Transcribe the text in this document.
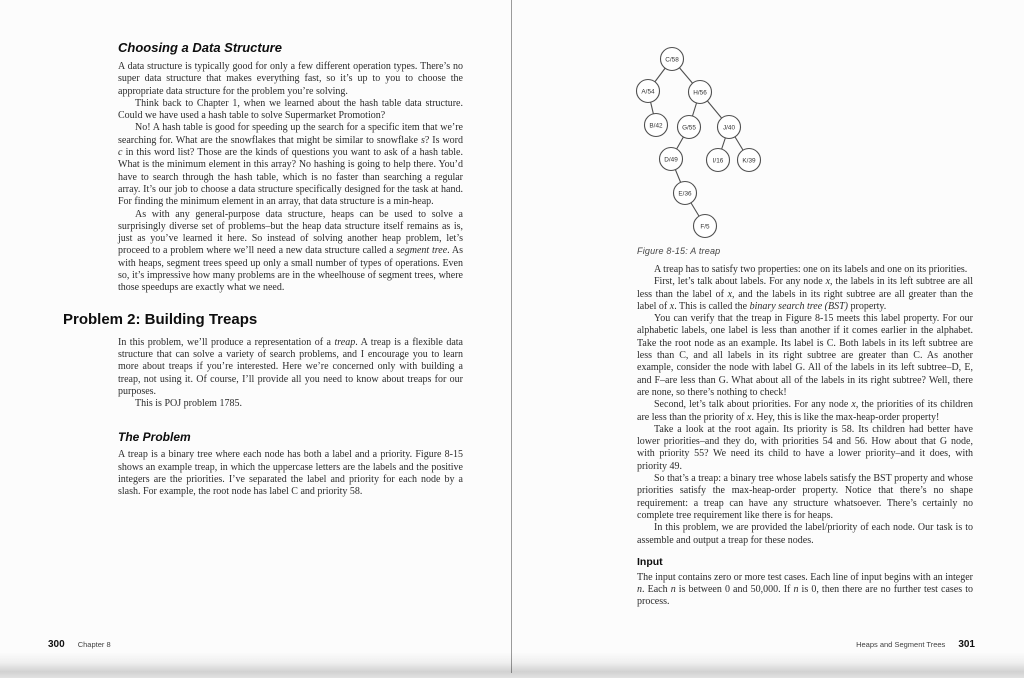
Choosing a Data Structure

A data structure is typically good for only a few different operation types. There’s no super data structure that makes everything fast, so it’s up to you to choose the appropriate data structure for the problem you’re solving.

Think back to Chapter 1, when we learned about the hash table data structure. Could we have used a hash table to solve Supermarket Promotion?

No! A hash table is good for speeding up the search for a specific item that we’re searching for. What are the snowflakes that might be similar to snowflake s? Is word c in this word list? Those are the kinds of questions you want to ask of a hash table. What is the minimum element in this array? No hashing is going to help there. You’d have to search through the hash table, which is no faster than searching a regular array. It’s our job to choose a data structure specifically designed for the task at hand. For finding the minimum element in an array, that data structure is a min-heap.

As with any general-purpose data structure, heaps can be used to solve a surprisingly diverse set of problems–but the heap data structure itself remains as is, just as you’ve learned it here. So instead of solving another heap problem, let’s proceed to a problem where we’ll need a new data structure called a segment tree. As with heaps, segment trees speed up only a small number of types of operations. Even so, it’s impressive how many problems are in the wheelhouse of segment trees, where those speedups are exactly what we need.

Problem 2: Building Treaps

In this problem, we’ll produce a representation of a treap. A treap is a flexible data structure that can solve a variety of search problems, and I encourage you to learn more about treaps if you’re interested. Here we’re concerned only with building a treap, not using it. Of course, I’ll provide all you need to know about treaps for our purposes.

This is POJ problem 1785.

The Problem

A treap is a binary tree where each node has both a label and a priority. Figure 8-15 shows an example treap, in which the uppercase letters are the labels and the positive integers are the priorities. I’ve separated the label and priority for each node by a slash. For example, the root node has label C and priority 58.

C/58
A/54	H/56
B/42	G/55	J/40
D/49	I/16	K/39
E/36
F/5
Figure 8-15: A treap

A treap has to satisfy two properties: one on its labels and one on its priorities.

First, let’s talk about labels. For any node x, the labels in its left subtree are all less than the label of x, and the labels in its right subtree are all greater than the label of x. This is called the binary search tree (BST) property.

You can verify that the treap in Figure 8-15 meets this label property. For our alphabetic labels, one label is less than another if it comes earlier in the alphabet. Take the root node as an example. Its label is C. Both labels in its left subtree are less than C, and all labels in its right subtree are greater than C. As another example, consider the node with label G. All of the labels in its left subtree–D, E, and F–are less than G. What about all of the labels in its right subtree? Well, there are none, so there’s nothing to check!

Second, let’s talk about priorities. For any node x, the priorities of its children are less than the priority of x. Hey, this is like the max-heap-order property!

Take a look at the root again. Its priority is 58. Its children had better have lower priorities–and they do, with priorities 54 and 56. How about that G node, with priority 55? We need its child to have a lower priority–and it does, with priority 49.

So that’s a treap: a binary tree whose labels satisfy the BST property and whose priorities satisfy the max-heap-order property. Notice that there’s no shape requirement: a treap can have any structure whatsoever. There’s certainly no complete tree requirement like there is for heaps.

In this problem, we are provided the label/priority of each node. Our task is to assemble and output a treap for these nodes.

Input

The input contains zero or more test cases. Each line of input begins with an integer n. Each n is between 0 and 50,000. If n is 0, then there are no further test cases to process.

300 Chapter 8	Heaps and Segment Trees 301
